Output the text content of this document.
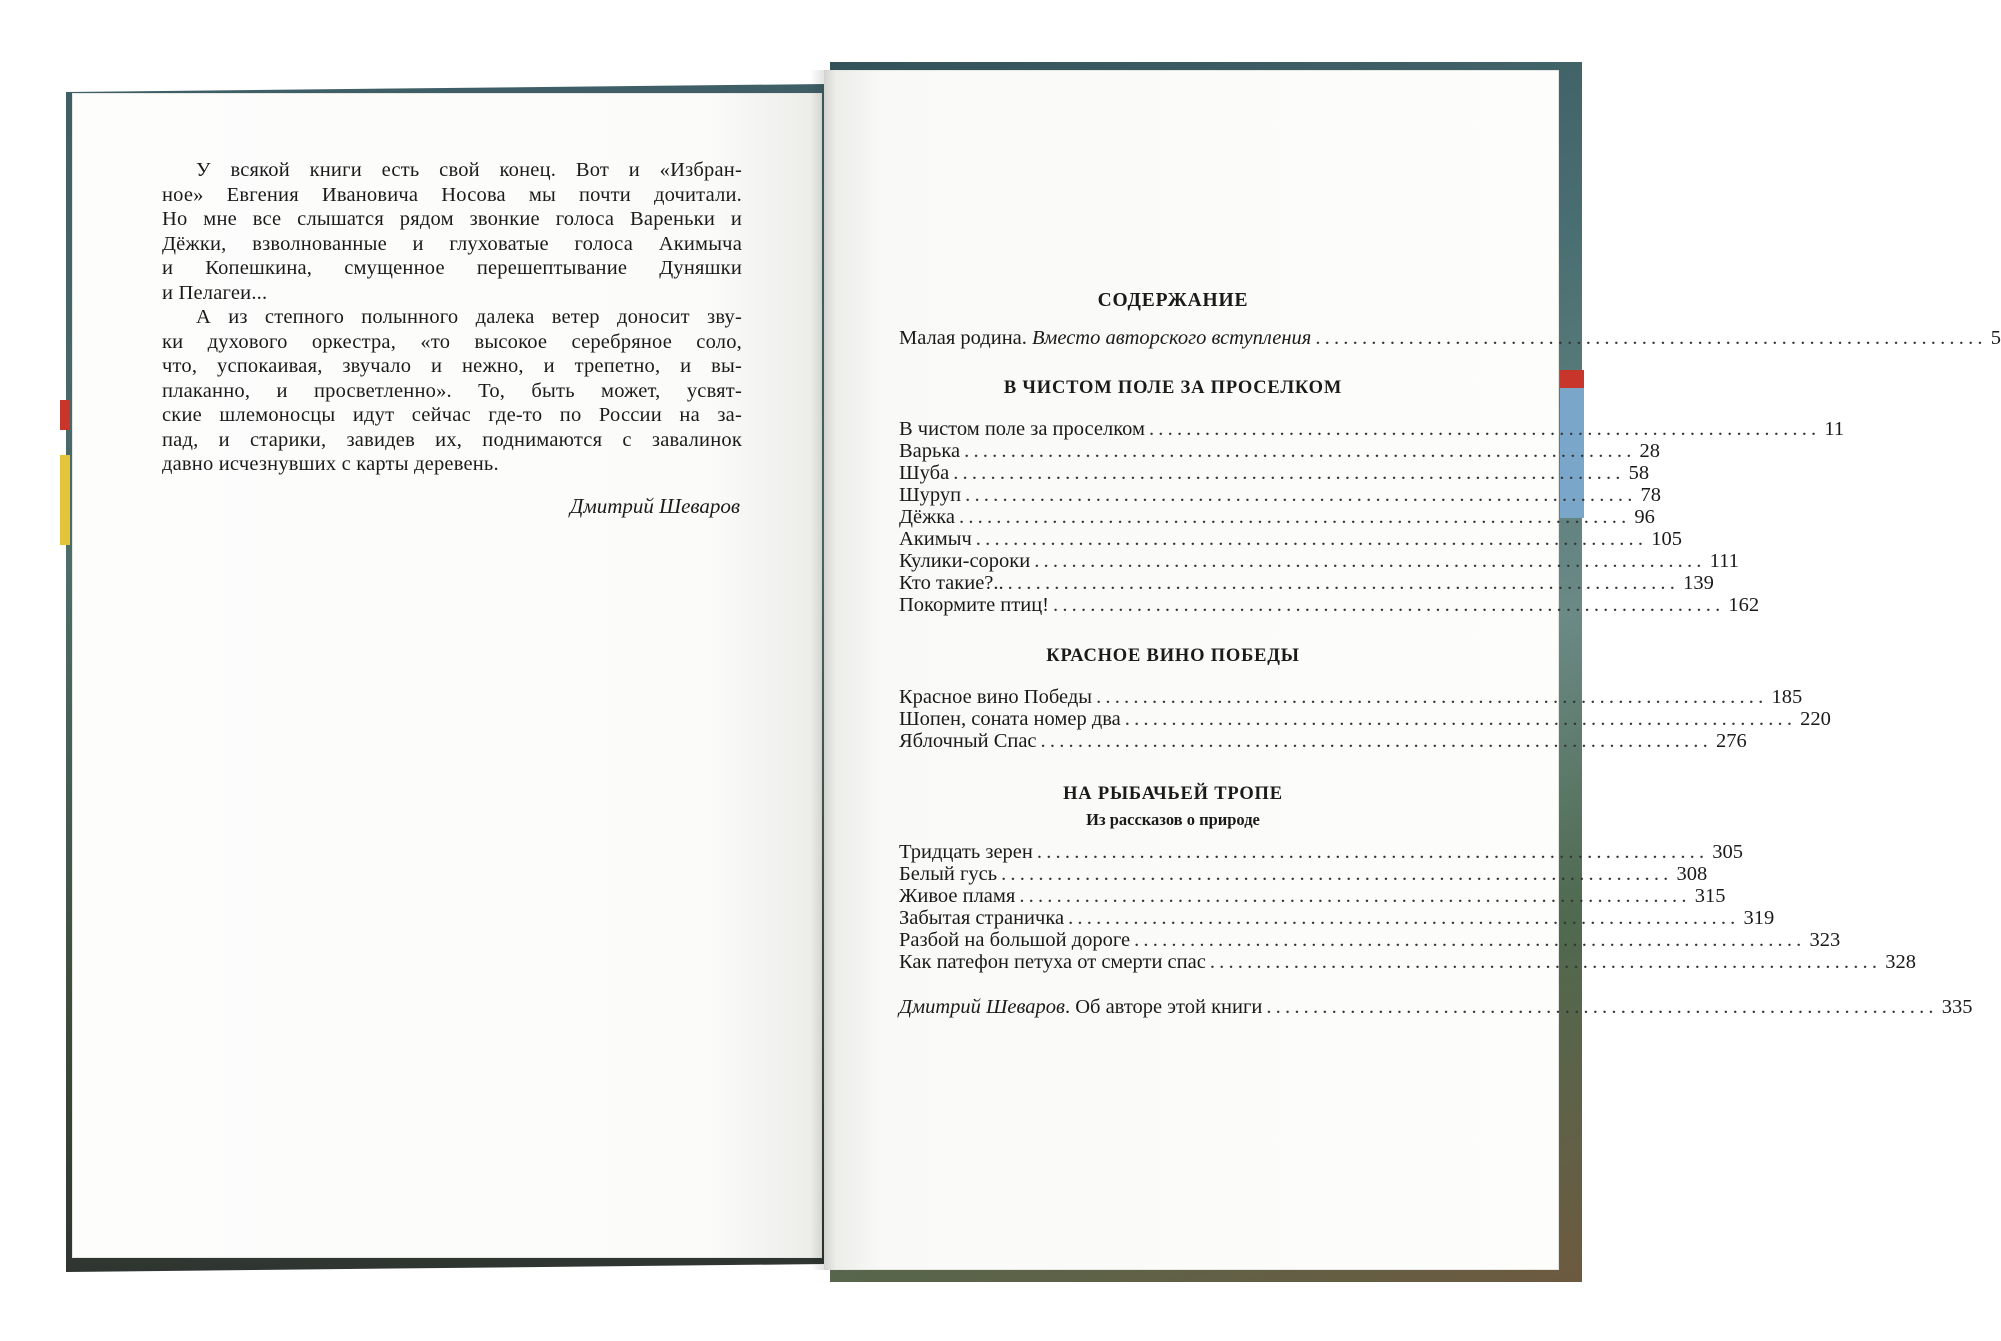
У всякой книги есть свой конец. Вот и «Избран-
ное» Евгения Ивановича Носова мы почти дочитали.
Но мне все слышатся рядом звонкие голоса Вареньки и
Дёжки, взволнованные и глуховатые голоса Акимыча
и Копешкина, смущенное перешептывание Дуняшки
и Пелагеи...
А из степного полынного далека ветер доносит зву-
ки духового оркестра, «то высокое серебряное соло,
что, успокаивая, звучало и нежно, и трепетно, и вы-
плаканно, и просветленно». То, быть может, усвят-
ские шлемоносцы идут сейчас где-то по России на за-
пад, и старики, завидев их, поднимаются с завалинок
давно исчезнувших с карты деревень.
Дмитрий Шеваров
СОДЕРЖАНИЕ
Малая родина. Вместо авторского вступления ........................................................................ 5
В ЧИСТОМ ПОЛЕ ЗА ПРОСЕЛКОМ
В чистом поле за проселком ........................................................................ 11
Варька ........................................................................ 28
Шуба ........................................................................ 58
Шуруп ........................................................................ 78
Дёжка ........................................................................ 96
Акимыч ........................................................................ 105
Кулики-сороки ........................................................................ 111
Кто такие?.. ........................................................................ 139
Покормите птиц! ........................................................................ 162
КРАСНОЕ ВИНО ПОБЕДЫ
Красное вино Победы ........................................................................ 185
Шопен, соната номер два ........................................................................ 220
Яблочный Спас ........................................................................ 276
НА РЫБАЧЬЕЙ ТРОПЕ
Из рассказов о природе
Тридцать зерен ........................................................................ 305
Белый гусь ........................................................................ 308
Живое пламя ........................................................................ 315
Забытая страничка ........................................................................ 319
Разбой на большой дороге ........................................................................ 323
Как патефон петуха от смерти спас ........................................................................ 328
Дмитрий Шеваров. Об авторе этой книги ........................................................................ 335
